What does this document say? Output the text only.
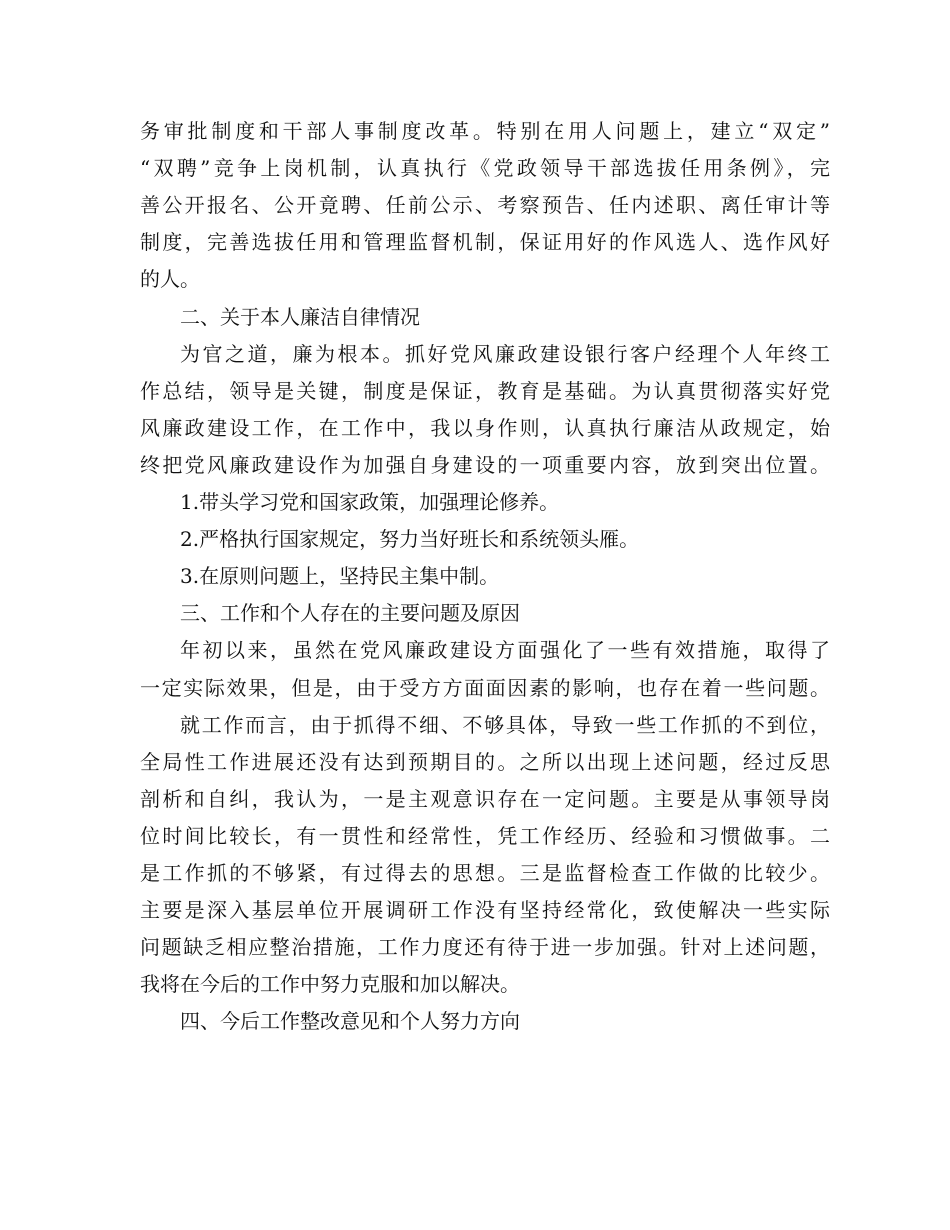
务审批制度和干部人事制度改革。特别在用人问题上，建立“双定”
“双聘”竞争上岗机制，认真执行《党政领导干部选拔任用条例》，完
善公开报名、公开竟聘、任前公示、考察预告、任内述职、离任审计等
制度，完善选拔任用和管理监督机制，保证用好的作风选人、选作风好
的人。
二、关于本人廉洁自律情况
为官之道，廉为根本。抓好党风廉政建设银行客户经理个人年终工
作总结，领导是关键，制度是保证，教育是基础。为认真贯彻落实好党
风廉政建设工作，在工作中，我以身作则，认真执行廉洁从政规定，始
终把党风廉政建设作为加强自身建设的一项重要内容，放到突出位置。
1.带头学习党和国家政策，加强理论修养。
2.严格执行国家规定，努力当好班长和系统领头雁。
3.在原则问题上，坚持民主集中制。
三、工作和个人存在的主要问题及原因
年初以来，虽然在党风廉政建设方面强化了一些有效措施，取得了
一定实际效果，但是，由于受方方面面因素的影响，也存在着一些问题。
就工作而言，由于抓得不细、不够具体，导致一些工作抓的不到位，
全局性工作进展还没有达到预期目的。之所以出现上述问题，经过反思
剖析和自纠，我认为，一是主观意识存在一定问题。主要是从事领导岗
位时间比较长，有一贯性和经常性，凭工作经历、经验和习惯做事。二
是工作抓的不够紧，有过得去的思想。三是监督检查工作做的比较少。
主要是深入基层单位开展调研工作没有坚持经常化，致使解决一些实际
问题缺乏相应整治措施，工作力度还有待于进一步加强。针对上述问题，
我将在今后的工作中努力克服和加以解决。
四、今后工作整改意见和个人努力方向
